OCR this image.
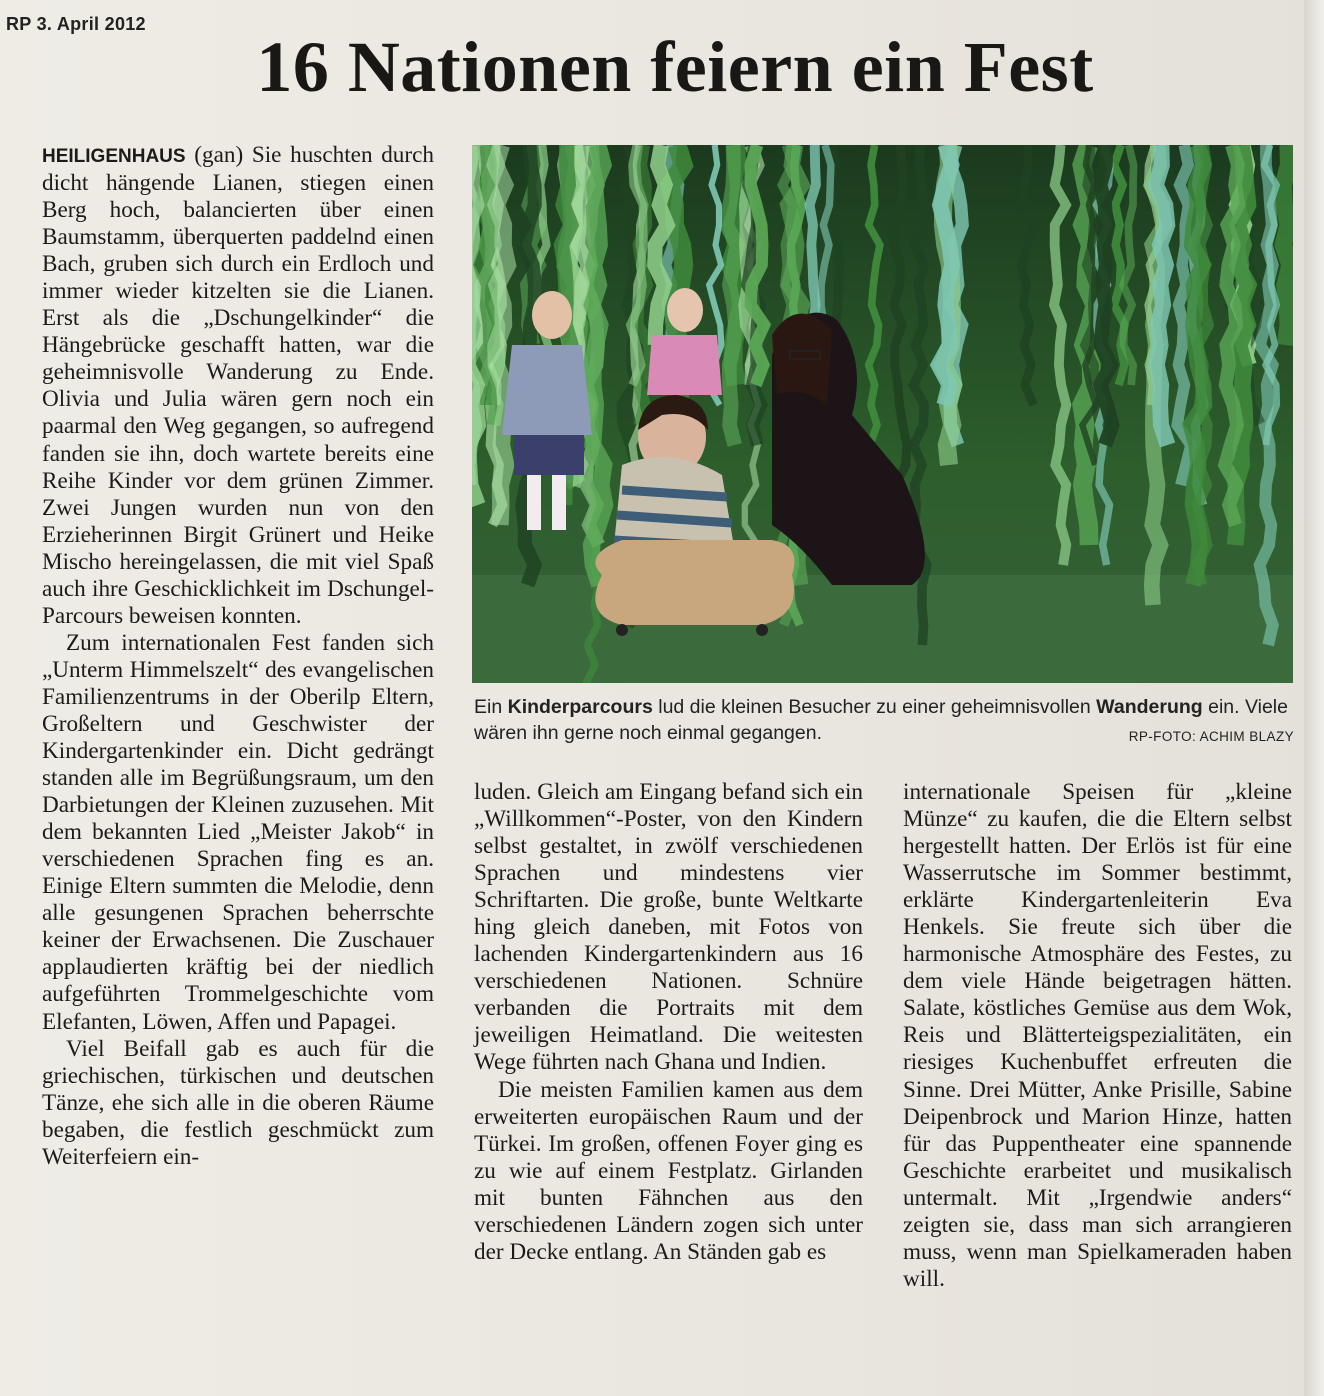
RP 3. April 2012
16 Nationen feiern ein Fest

HEILIGENHAUS (gan) Sie huschten durch dicht hängende Lianen, stiegen einen Berg hoch, balancierten über einen Baumstamm, überquerten paddelnd einen Bach, gruben sich durch ein Erdloch und immer wieder kitzelten sie die Lianen. Erst als die „Dschungelkinder“ die Hängebrücke geschafft hatten, war die geheimnisvolle Wanderung zu Ende. Olivia und Julia wären gern noch ein paarmal den Weg gegangen, so aufregend fanden sie ihn, doch wartete bereits eine Reihe Kinder vor dem grünen Zimmer. Zwei Jungen wurden nun von den Erzieherinnen Birgit Grünert und Heike Mischo hereingelassen, die mit viel Spaß auch ihre Geschicklichkeit im Dschungel-Parcours beweisen konnten.

Zum internationalen Fest fanden sich „Unterm Himmelszelt“ des evangelischen Familienzentrums in der Oberilp Eltern, Großeltern und Geschwister der Kindergartenkinder ein. Dicht gedrängt standen alle im Begrüßungsraum, um den Darbietungen der Kleinen zuzusehen. Mit dem bekannten Lied „Meister Jakob“ in verschiedenen Sprachen fing es an. Einige Eltern summten die Melodie, denn alle gesungenen Sprachen beherrschte keiner der Erwachsenen. Die Zuschauer applaudierten kräftig bei der niedlich aufgeführten Trommelgeschichte vom Elefanten, Löwen, Affen und Papagei.

Viel Beifall gab es auch für die griechischen, türkischen und deutschen Tänze, ehe sich alle in die oberen Räume begaben, die festlich geschmückt zum Weiterfeiern ein-

Ein Kinderparcours lud die kleinen Besucher zu einer geheimnisvollen Wanderung ein. Viele wären ihn gerne noch einmal gegangen.	RP-FOTO: ACHIM BLAZY

luden. Gleich am Eingang befand sich ein „Willkommen“-Poster, von den Kindern selbst gestaltet, in zwölf verschiedenen Sprachen und mindestens vier Schriftarten. Die große, bunte Weltkarte hing gleich daneben, mit Fotos von lachenden Kindergartenkindern aus 16 verschiedenen Nationen. Schnüre verbanden die Portraits mit dem jeweiligen Heimatland. Die weitesten Wege führten nach Ghana und Indien.

Die meisten Familien kamen aus dem erweiterten europäischen Raum und der Türkei. Im großen, offenen Foyer ging es zu wie auf einem Festplatz. Girlanden mit bunten Fähnchen aus den verschiedenen Ländern zogen sich unter der Decke entlang. An Ständen gab es

internationale Speisen für „kleine Münze“ zu kaufen, die die Eltern selbst hergestellt hatten. Der Erlös ist für eine Wasserrutsche im Sommer bestimmt, erklärte Kindergartenleiterin Eva Henkels. Sie freute sich über die harmonische Atmosphäre des Festes, zu dem viele Hände beigetragen hätten. Salate, köstliches Gemüse aus dem Wok, Reis und Blätterteigspezialitäten, ein riesiges Kuchenbuffet erfreuten die Sinne. Drei Mütter, Anke Prisille, Sabine Deipenbrock und Marion Hinze, hatten für das Puppentheater eine spannende Geschichte erarbeitet und musikalisch untermalt. Mit „Irgendwie anders“ zeigten sie, dass man sich arrangieren muss, wenn man Spielkameraden haben will.
